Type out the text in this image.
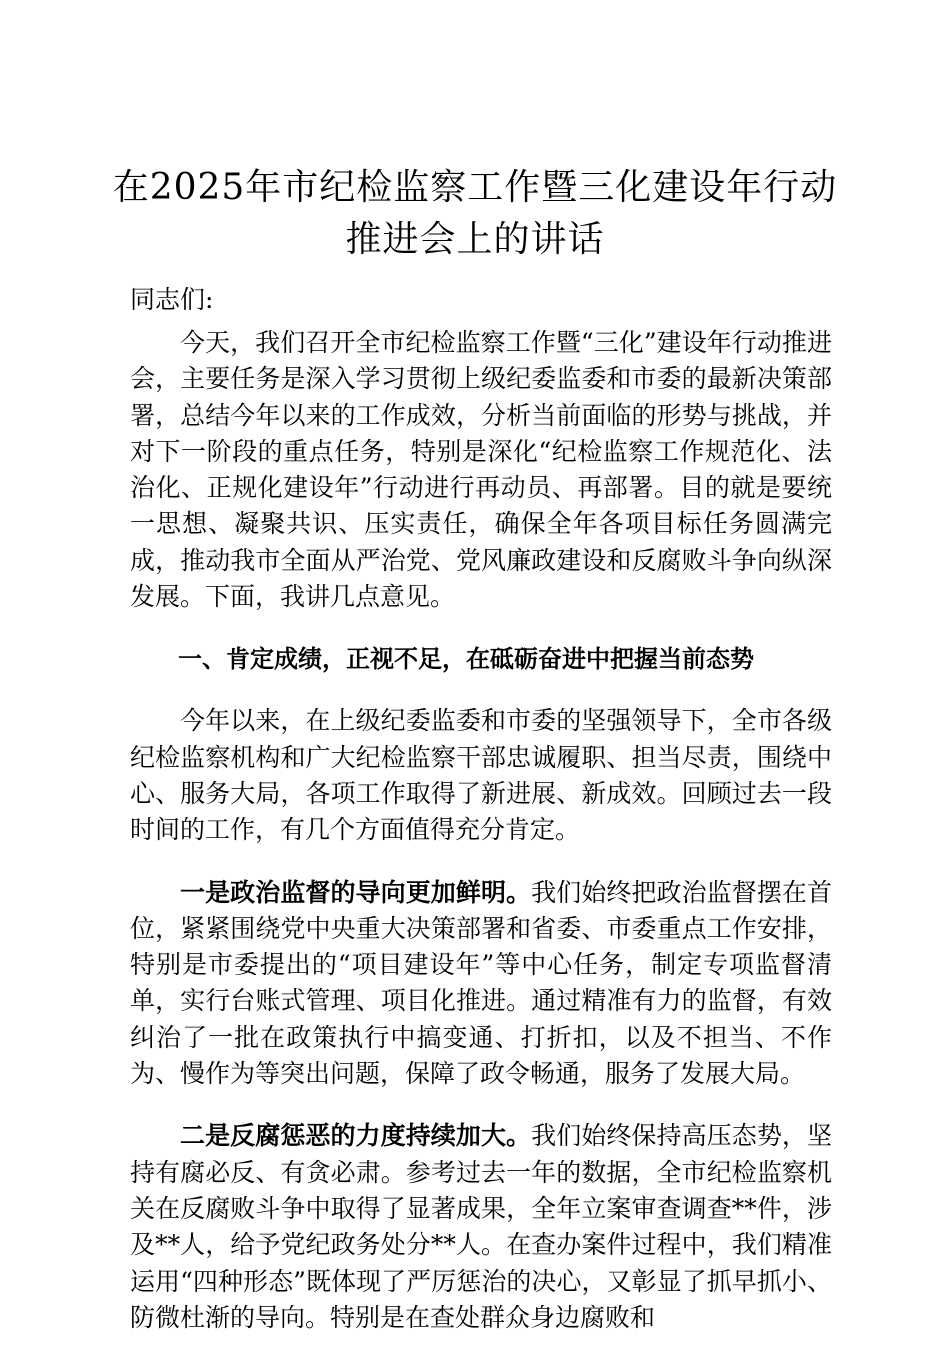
在2025年市纪检监察工作暨三化建设年行动
推进会上的讲话
同志们:

今天，我们召开全市纪检监察工作暨“三化”建设年行动推进会，主要任务是深入学习贯彻上级纪委监委和市委的最新决策部署，总结今年以来的工作成效，分析当前面临的形势与挑战，并对下一阶段的重点任务，特别是深化“纪检监察工作规范化、法治化、正规化建设年”行动进行再动员、再部署。目的就是要统一思想、凝聚共识、压实责任，确保全年各项目标任务圆满完成，推动我市全面从严治党、党风廉政建设和反腐败斗争向纵深发展。下面，我讲几点意见。

一、肯定成绩，正视不足，在砥砺奋进中把握当前态势

今年以来，在上级纪委监委和市委的坚强领导下，全市各级纪检监察机构和广大纪检监察干部忠诚履职、担当尽责，围绕中心、服务大局，各项工作取得了新进展、新成效。回顾过去一段时间的工作，有几个方面值得充分肯定。

一是政治监督的导向更加鲜明。我们始终把政治监督摆在首位，紧紧围绕党中央重大决策部署和省委、市委重点工作安排，特别是市委提出的“项目建设年”等中心任务，制定专项监督清单，实行台账式管理、项目化推进。通过精准有力的监督，有效纠治了一批在政策执行中搞变通、打折扣，以及不担当、不作为、慢作为等突出问题，保障了政令畅通，服务了发展大局。

二是反腐惩恶的力度持续加大。我们始终保持高压态势，坚持有腐必反、有贪必肃。参考过去一年的数据，全市纪检监察机关在反腐败斗争中取得了显著成果，全年立案审查调查**件，涉及**人，给予党纪政务处分**人。在查办案件过程中，我们精准运用“四种形态”既体现了严厉惩治的决心，又彰显了抓早抓小、防微杜渐的导向。特别是在查处群众身边腐败和
